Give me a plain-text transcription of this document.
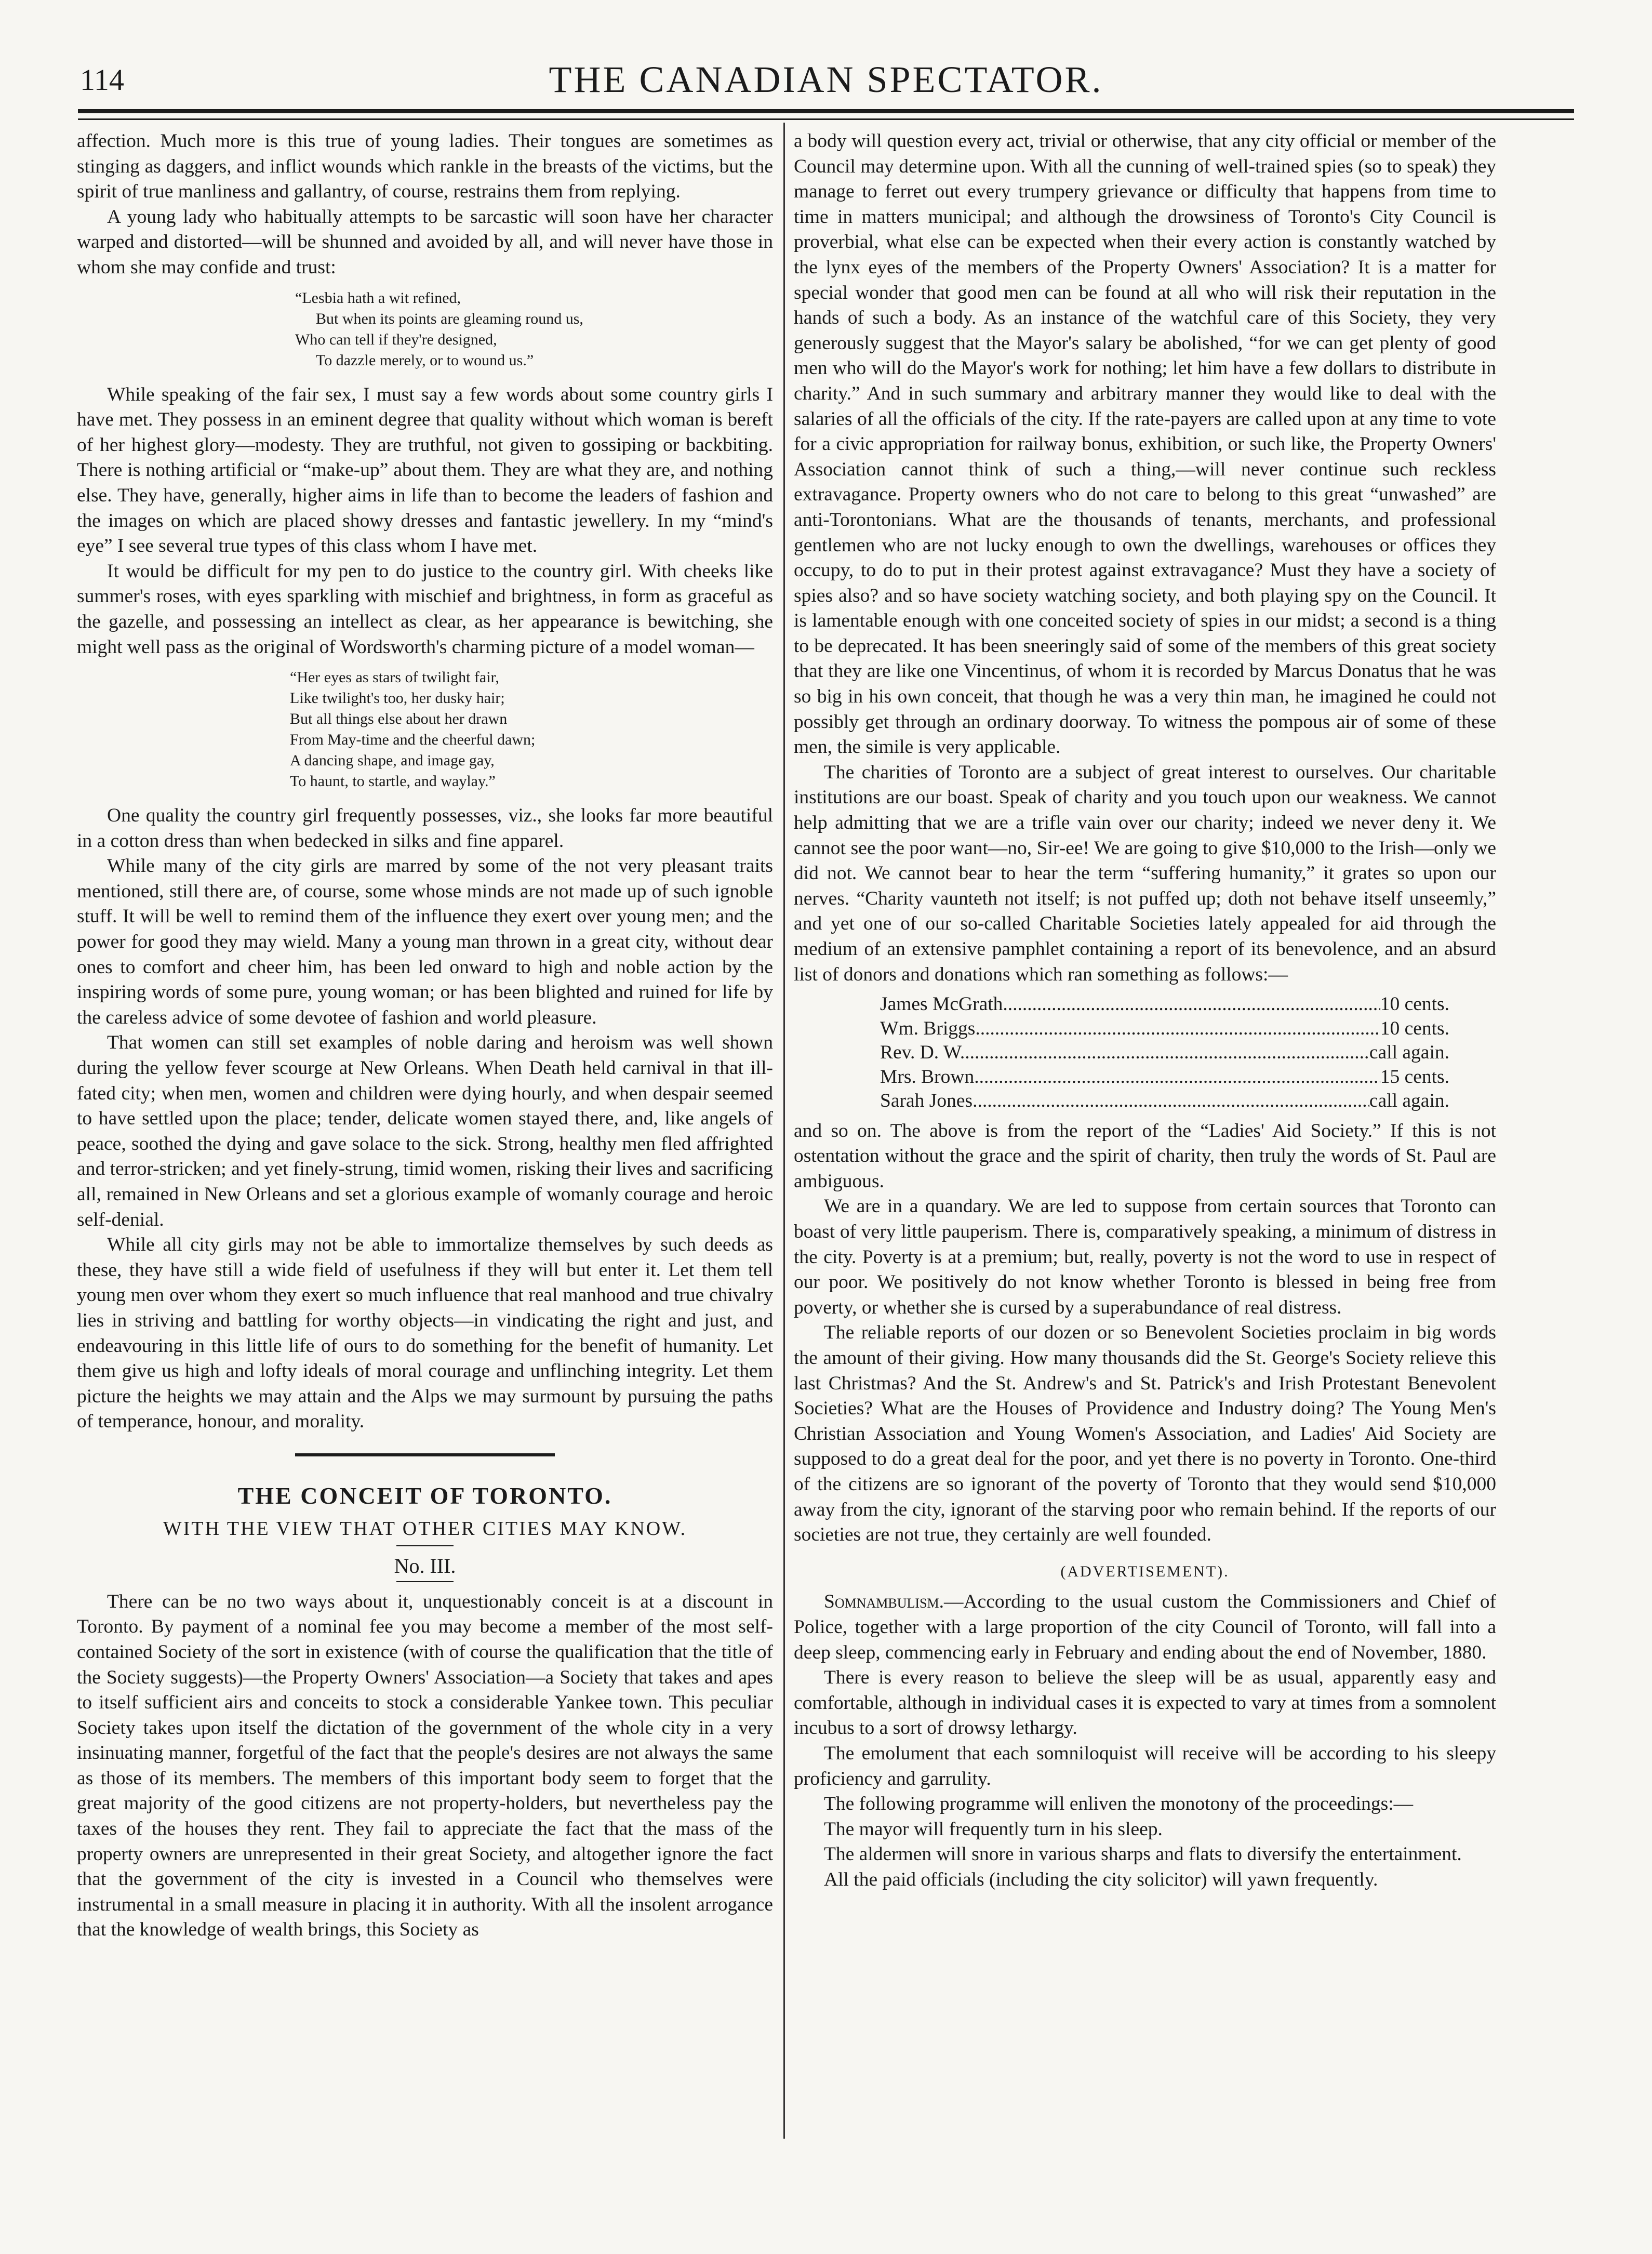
114	THE CANADIAN SPECTATOR.

affection. Much more is this true of young ladies. Their tongues are sometimes as stinging as daggers, and inflict wounds which rankle in the breasts of the victims, but the spirit of true manliness and gallantry, of course, restrains them from replying.

A young lady who habitually attempts to be sarcastic will soon have her character warped and distorted—will be shunned and avoided by all, and will never have those in whom she may confide and trust:

“Lesbia hath a wit refined,
But when its points are gleaming round us,
Who can tell if they're designed,
To dazzle merely, or to wound us.”

While speaking of the fair sex, I must say a few words about some country girls I have met. They possess in an eminent degree that quality without which woman is bereft of her highest glory—modesty. They are truthful, not given to gossiping or backbiting. There is nothing artificial or “make-up” about them. They are what they are, and nothing else. They have, generally, higher aims in life than to become the leaders of fashion and the images on which are placed showy dresses and fantastic jewellery. In my “mind's eye” I see several true types of this class whom I have met.

It would be difficult for my pen to do justice to the country girl. With cheeks like summer's roses, with eyes sparkling with mischief and brightness, in form as graceful as the gazelle, and possessing an intellect as clear, as her appearance is bewitching, she might well pass as the original of Wordsworth's charming picture of a model woman—

“Her eyes as stars of twilight fair,
Like twilight's too, her dusky hair;
But all things else about her drawn
From May-time and the cheerful dawn;
A dancing shape, and image gay,
To haunt, to startle, and waylay.”

One quality the country girl frequently possesses, viz., she looks far more beautiful in a cotton dress than when bedecked in silks and fine apparel.

While many of the city girls are marred by some of the not very pleasant traits mentioned, still there are, of course, some whose minds are not made up of such ignoble stuff. It will be well to remind them of the influence they exert over young men; and the power for good they may wield. Many a young man thrown in a great city, without dear ones to comfort and cheer him, has been led onward to high and noble action by the inspiring words of some pure, young woman; or has been blighted and ruined for life by the careless advice of some devotee of fashion and world pleasure.

That women can still set examples of noble daring and heroism was well shown during the yellow fever scourge at New Orleans. When Death held carnival in that ill-fated city; when men, women and children were dying hourly, and when despair seemed to have settled upon the place; tender, delicate women stayed there, and, like angels of peace, soothed the dying and gave solace to the sick. Strong, healthy men fled affrighted and terror-stricken; and yet finely-strung, timid women, risking their lives and sacrificing all, remained in New Orleans and set a glorious example of womanly courage and heroic self-denial.

While all city girls may not be able to immortalize themselves by such deeds as these, they have still a wide field of usefulness if they will but enter it. Let them tell young men over whom they exert so much influence that real manhood and true chivalry lies in striving and battling for worthy objects—in vindicating the right and just, and endeavouring in this little life of ours to do something for the benefit of humanity. Let them give us high and lofty ideals of moral courage and unflinching integrity. Let them picture the heights we may attain and the Alps we may surmount by pursuing the paths of temperance, honour, and morality.

THE CONCEIT OF TORONTO.
WITH THE VIEW THAT OTHER CITIES MAY KNOW.
No. III.

There can be no two ways about it, unquestionably conceit is at a discount in Toronto. By payment of a nominal fee you may become a member of the most self-contained Society of the sort in existence (with of course the qualification that the title of the Society suggests)—the Property Owners' Association—a Society that takes and apes to itself sufficient airs and conceits to stock a considerable Yankee town. This peculiar Society takes upon itself the dictation of the government of the whole city in a very insinuating manner, forgetful of the fact that the people's desires are not always the same as those of its members. The members of this important body seem to forget that the great majority of the good citizens are not property-holders, but nevertheless pay the taxes of the houses they rent. They fail to appreciate the fact that the mass of the property owners are unrepresented in their great Society, and altogether ignore the fact that the government of the city is invested in a Council who themselves were instrumental in a small measure in placing it in authority. With all the insolent arrogance that the knowledge of wealth brings, this Society as

a body will question every act, trivial or otherwise, that any city official or member of the Council may determine upon. With all the cunning of well-trained spies (so to speak) they manage to ferret out every trumpery grievance or difficulty that happens from time to time in matters municipal; and although the drowsiness of Toronto's City Council is proverbial, what else can be expected when their every action is constantly watched by the lynx eyes of the members of the Property Owners' Association? It is a matter for special wonder that good men can be found at all who will risk their reputation in the hands of such a body. As an instance of the watchful care of this Society, they very generously suggest that the Mayor's salary be abolished, “for we can get plenty of good men who will do the Mayor's work for nothing; let him have a few dollars to distribute in charity.” And in such summary and arbitrary manner they would like to deal with the salaries of all the officials of the city. If the rate-payers are called upon at any time to vote for a civic appropriation for railway bonus, exhibition, or such like, the Property Owners' Association cannot think of such a thing,—will never continue such reckless extravagance. Property owners who do not care to belong to this great “unwashed” are anti-Torontonians. What are the thousands of tenants, merchants, and professional gentlemen who are not lucky enough to own the dwellings, warehouses or offices they occupy, to do to put in their protest against extravagance? Must they have a society of spies also? and so have society watching society, and both playing spy on the Council. It is lamentable enough with one conceited society of spies in our midst; a second is a thing to be deprecated. It has been sneeringly said of some of the members of this great society that they are like one Vincentinus, of whom it is recorded by Marcus Donatus that he was so big in his own conceit, that though he was a very thin man, he imagined he could not possibly get through an ordinary doorway. To witness the pompous air of some of these men, the simile is very applicable.

The charities of Toronto are a subject of great interest to ourselves. Our charitable institutions are our boast. Speak of charity and you touch upon our weakness. We cannot help admitting that we are a trifle vain over our charity; indeed we never deny it. We cannot see the poor want—no, Sir-ee! We are going to give $10,000 to the Irish—only we did not. We cannot bear to hear the term “suffering humanity,” it grates so upon our nerves. “Charity vaunteth not itself; is not puffed up; doth not behave itself unseemly,” and yet one of our so-called Charitable Societies lately appealed for aid through the medium of an extensive pamphlet containing a report of its benevolence, and an absurd list of donors and donations which ran something as follows:—

James McGrath .....	10 cents.
Wm. Briggs .....	10 cents.
Rev. D. W. .....	call again.
Mrs. Brown .....	15 cents.
Sarah Jones .....	call again.

and so on. The above is from the report of the “Ladies' Aid Society.” If this is not ostentation without the grace and the spirit of charity, then truly the words of St. Paul are ambiguous.

We are in a quandary. We are led to suppose from certain sources that Toronto can boast of very little pauperism. There is, comparatively speaking, a minimum of distress in the city. Poverty is at a premium; but, really, poverty is not the word to use in respect of our poor. We positively do not know whether Toronto is blessed in being free from poverty, or whether she is cursed by a superabundance of real distress.

The reliable reports of our dozen or so Benevolent Societies proclaim in big words the amount of their giving. How many thousands did the St. George's Society relieve this last Christmas? And the St. Andrew's and St. Patrick's and Irish Protestant Benevolent Societies? What are the Houses of Providence and Industry doing? The Young Men's Christian Association and Young Women's Association, and Ladies' Aid Society are supposed to do a great deal for the poor, and yet there is no poverty in Toronto. One-third of the citizens are so ignorant of the poverty of Toronto that they would send $10,000 away from the city, ignorant of the starving poor who remain behind. If the reports of our societies are not true, they certainly are well founded.

(ADVERTISEMENT).

Somnambulism.—According to the usual custom the Commissioners and Chief of Police, together with a large proportion of the city Council of Toronto, will fall into a deep sleep, commencing early in February and ending about the end of November, 1880.

There is every reason to believe the sleep will be as usual, apparently easy and comfortable, although in individual cases it is expected to vary at times from a somnolent incubus to a sort of drowsy lethargy.

The emolument that each somniloquist will receive will be according to his sleepy proficiency and garrulity.

The following programme will enliven the monotony of the proceedings:—

The mayor will frequently turn in his sleep.

The aldermen will snore in various sharps and flats to diversify the entertainment.

All the paid officials (including the city solicitor) will yawn frequently.
